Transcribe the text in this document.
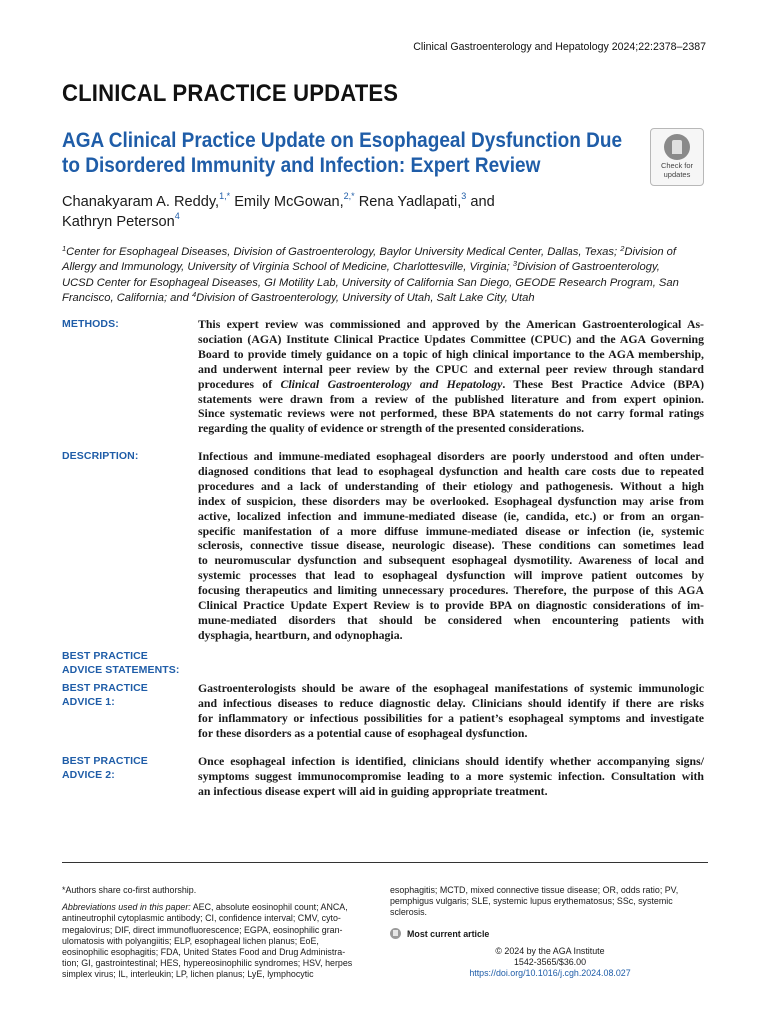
Clinical Gastroenterology and Hepatology 2024;22:2378–2387
CLINICAL PRACTICE UPDATES
AGA Clinical Practice Update on Esophageal Dysfunction Due
to Disordered Immunity and Infection: Expert Review	Check for updates
Chanakyaram A. Reddy,$^{1,*}$ Emily McGowan,$^{2,*}$ Rena Yadlapati,$^3$ and
Kathryn Peterson$^4$
$^1$Center for Esophageal Diseases, Division of Gastroenterology, Baylor University Medical Center, Dallas, Texas; $^2$Division of
Allergy and Immunology, University of Virginia School of Medicine, Charlottesville, Virginia; $^3$Division of Gastroenterology,
UCSD Center for Esophageal Diseases, GI Motility Lab, University of California San Diego, GEODE Research Program, San
Francisco, California; and $^4$Division of Gastroenterology, University of Utah, Salt Lake City, Utah
METHODS:	This expert review was commissioned and approved by the American Gastroenterological As-
sociation (AGA) Institute Clinical Practice Updates Committee (CPUC) and the AGA Governing
Board to provide timely guidance on a topic of high clinical importance to the AGA membership,
and underwent internal peer review by the CPUC and external peer review through standard
procedures of Clinical Gastroenterology and Hepatology. These Best Practice Advice (BPA)
statements were drawn from a review of the published literature and from expert opinion.
Since systematic reviews were not performed, these BPA statements do not carry formal ratings
regarding the quality of evidence or strength of the presented considerations.
DESCRIPTION:	Infectious and immune-mediated esophageal disorders are poorly understood and often under-
diagnosed conditions that lead to esophageal dysfunction and health care costs due to repeated
procedures and a lack of understanding of their etiology and pathogenesis. Without a high
index of suspicion, these disorders may be overlooked. Esophageal dysfunction may arise from
active, localized infection and immune-mediated disease (ie, candida, etc.) or from an organ-
specific manifestation of a more diffuse immune-mediated disease or infection (ie, systemic
sclerosis, connective tissue disease, neurologic disease). These conditions can sometimes lead
to neuromuscular dysfunction and subsequent esophageal dysmotility. Awareness of local and
systemic processes that lead to esophageal dysfunction will improve patient outcomes by
focusing therapeutics and limiting unnecessary procedures. Therefore, the purpose of this AGA
Clinical Practice Update Expert Review is to provide BPA on diagnostic considerations of im-
mune-mediated disorders that should be considered when encountering patients with
dysphagia, heartburn, and odynophagia.
BEST PRACTICE
ADVICE STATEMENTS:
BEST PRACTICE
ADVICE 1:
Gastroenterologists should be aware of the esophageal manifestations of systemic immunologic
and infectious diseases to reduce diagnostic delay. Clinicians should identify if there are risks
for inflammatory or infectious possibilities for a patient’s esophageal symptoms and investigate
for these disorders as a potential cause of esophageal dysfunction.
BEST PRACTICE
ADVICE 2:
Once esophageal infection is identified, clinicians should identify whether accompanying signs/
symptoms suggest immunocompromise leading to a more systemic infection. Consultation with
an infectious disease expert will aid in guiding appropriate treatment.
*Authors share co-first authorship.
Abbreviations used in this paper: AEC, absolute eosinophil count; ANCA,
antineutrophil cytoplasmic antibody; CI, confidence interval; CMV, cyto-
megalovirus; DIF, direct immunofluorescence; EGPA, eosinophilic gran-
ulomatosis with polyangiitis; ELP, esophageal lichen planus; EoE,
eosinophilic esophagitis; FDA, United States Food and Drug Administra-
tion; GI, gastrointestinal; HES, hypereosinophilic syndromes; HSV, herpes
simplex virus; IL, interleukin; LP, lichen planus; LyE, lymphocytic
esophagitis; MCTD, mixed connective tissue disease; OR, odds ratio; PV,
pemphigus vulgaris; SLE, systemic lupus erythematosus; SSc, systemic
sclerosis.
Most current article
© 2024 by the AGA Institute
1542-3565/$36.00
https://doi.org/10.1016/j.cgh.2024.08.027
